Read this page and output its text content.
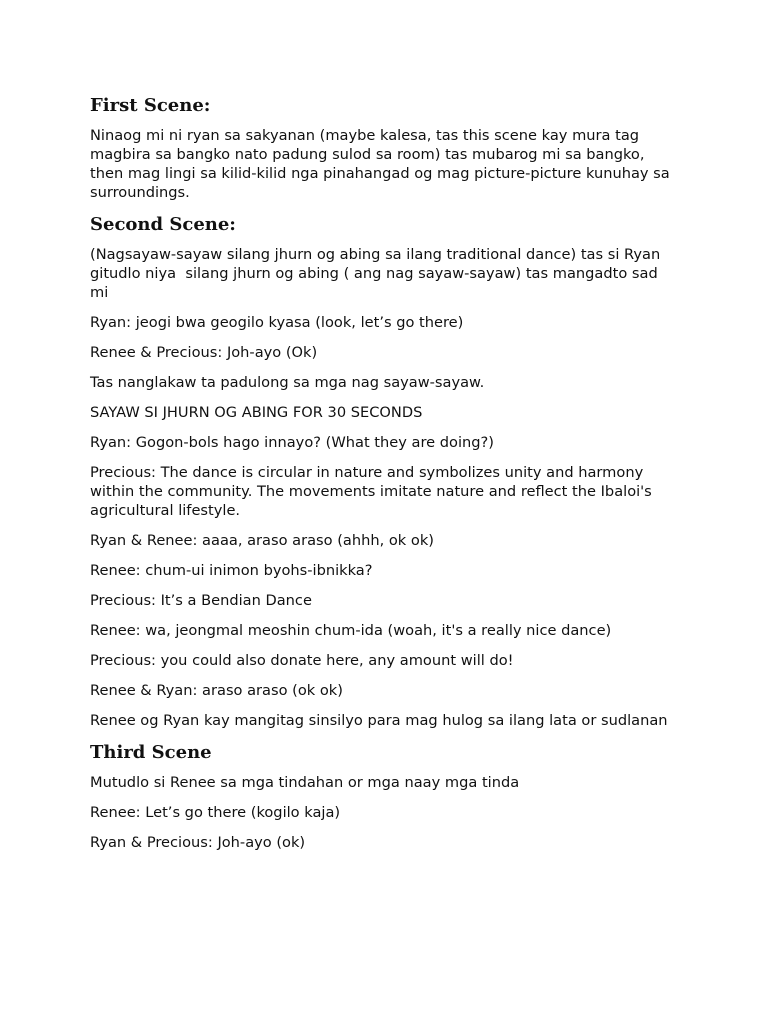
First Scene:

Ninaog mi ni ryan sa sakyanan (maybe kalesa, tas this scene kay mura tag magbira sa bangko nato padung sulod sa room) tas mubarog mi sa bangko, then mag lingi sa kilid-kilid nga pinahangad og mag picture-picture kunuhay sa surroundings.

Second Scene:

(Nagsayaw-sayaw silang jhurn og abing sa ilang traditional dance) tas si Ryan gitudlo niya  silang jhurn og abing ( ang nag sayaw-sayaw) tas mangadto sad mi

Ryan: jeogi bwa geogilo kyasa (look, let’s go there)

Renee & Precious: Joh-ayo (Ok)

Tas nanglakaw ta padulong sa mga nag sayaw-sayaw.

SAYAW SI JHURN OG ABING FOR 30 SECONDS

Ryan: Gogon-bols hago innayo? (What they are doing?)

Precious: The dance is circular in nature and symbolizes unity and harmony within the community. The movements imitate nature and reflect the Ibaloi's agricultural lifestyle.

Ryan & Renee: aaaa, araso araso (ahhh, ok ok)

Renee: chum-ui inimon byohs-ibnikka?

Precious: It’s a Bendian Dance

Renee: wa, jeongmal meoshin chum-ida (woah, it's a really nice dance)

Precious: you could also donate here, any amount will do!

Renee & Ryan: araso araso (ok ok)

Renee og Ryan kay mangitag sinsilyo para mag hulog sa ilang lata or sudlanan

Third Scene

Mutudlo si Renee sa mga tindahan or mga naay mga tinda

Renee: Let’s go there (kogilo kaja)

Ryan & Precious: Joh-ayo (ok)
